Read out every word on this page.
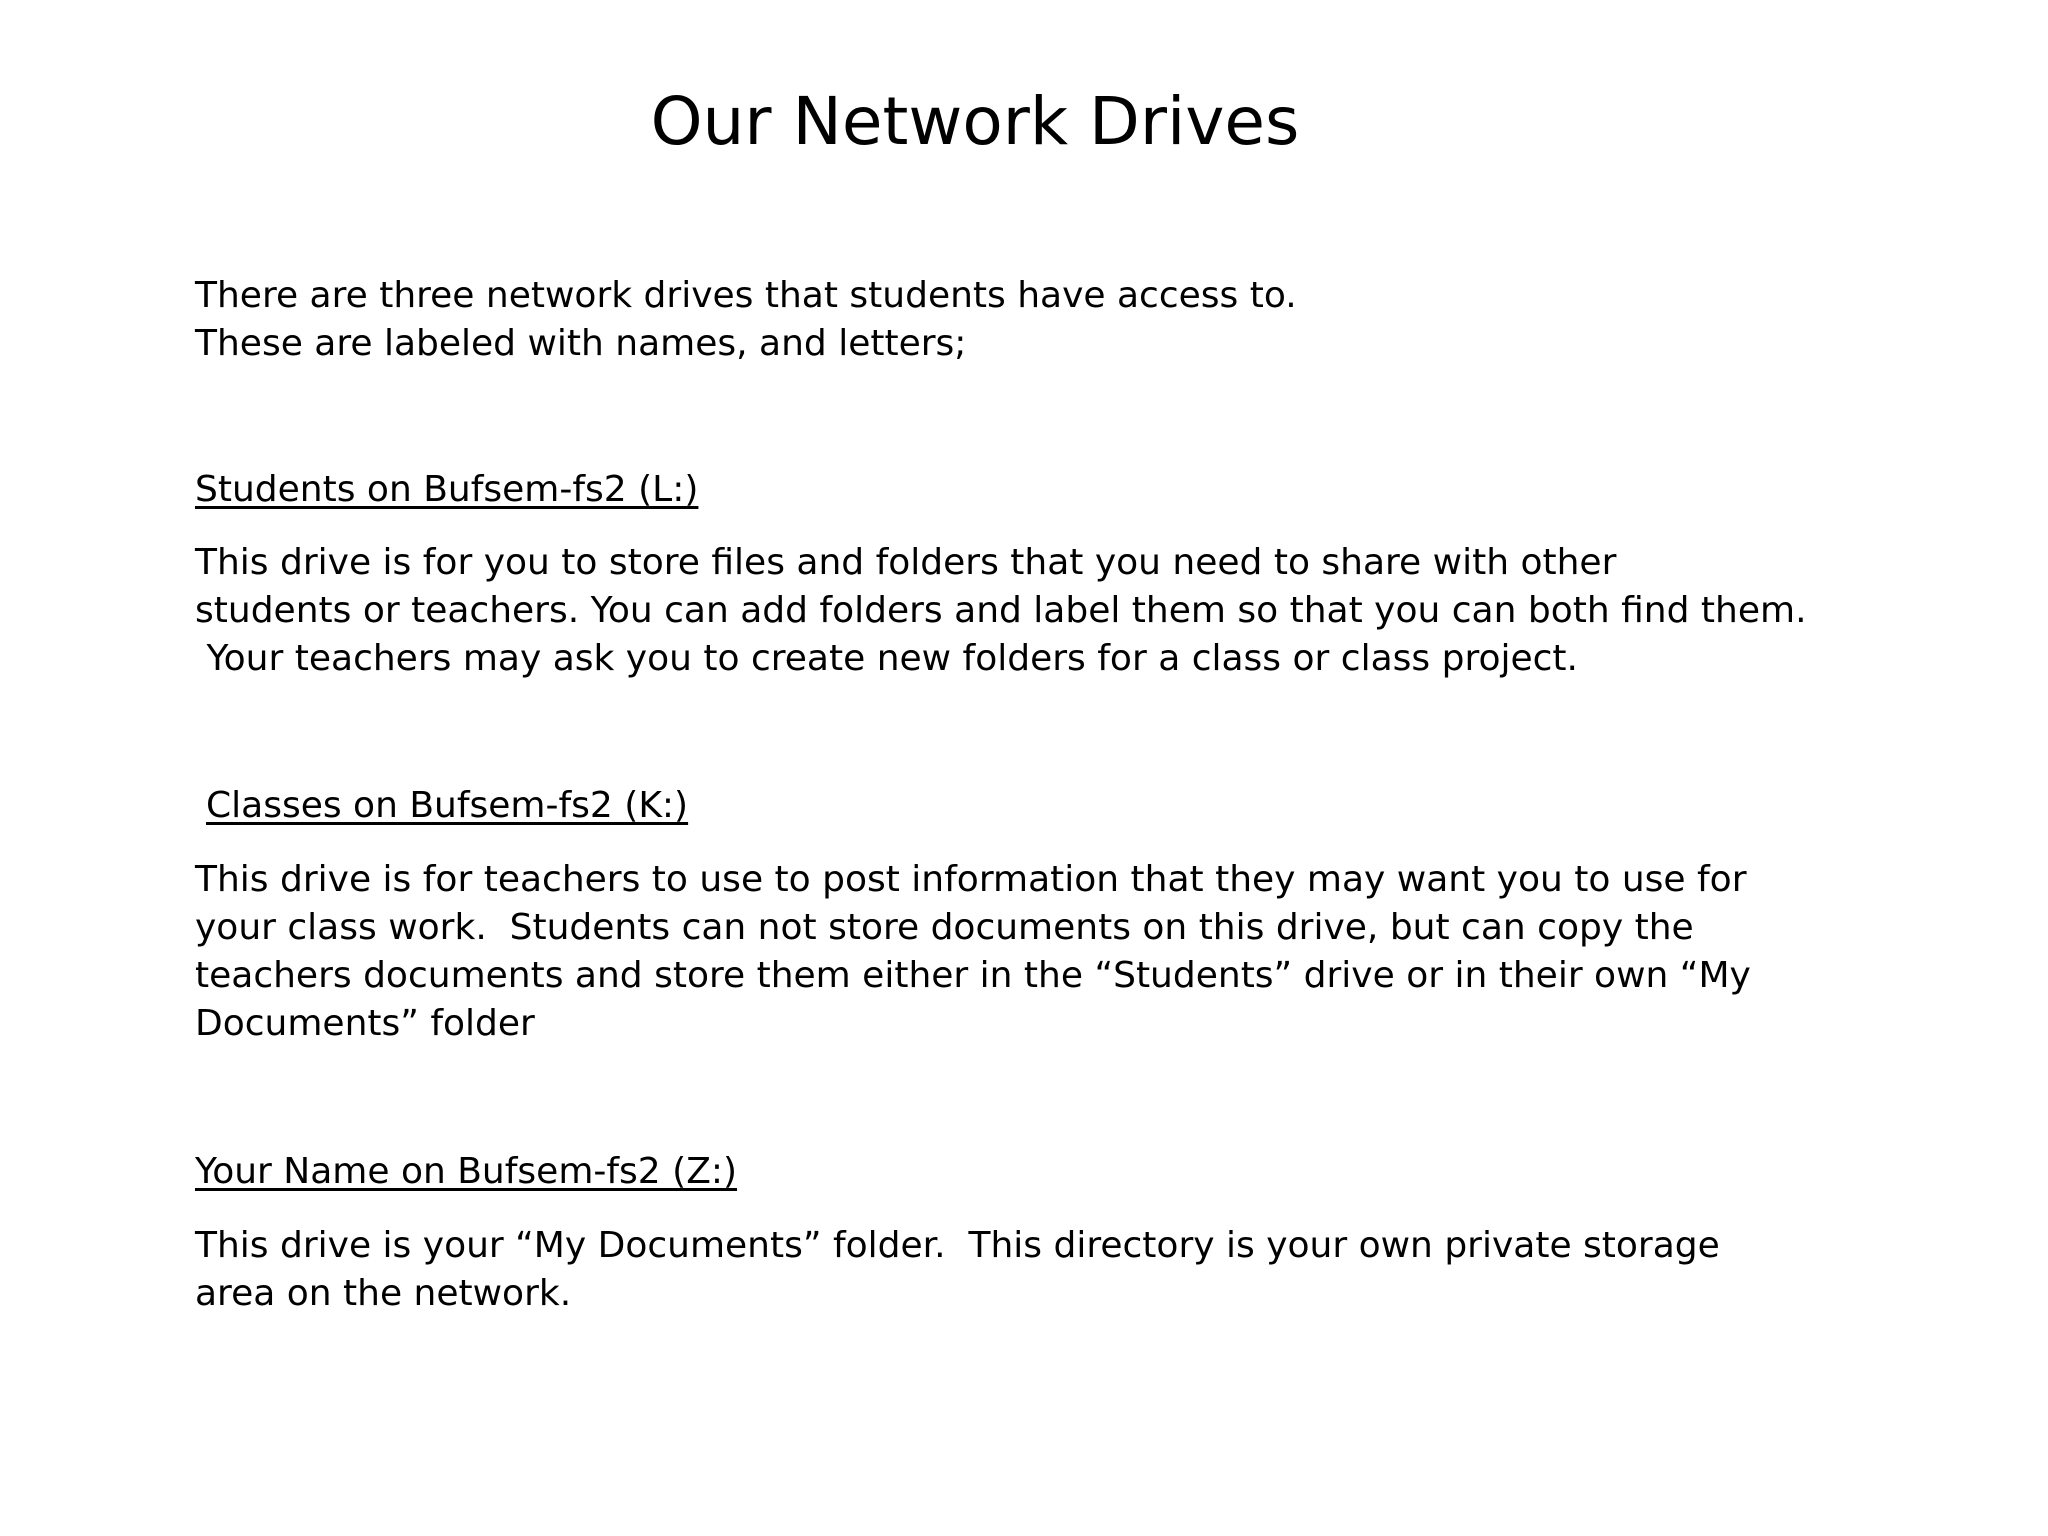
Our Network Drives

There are three network drives that students have access to.

These are labeled with names, and letters;

Students on Bufsem-fs2 (L:)

This drive is for you to store files and folders that you need to share with other
students or teachers. You can add folders and label them so that you can both find them.
Your teachers may ask you to create new folders for a class or class project.

Classes on Bufsem-fs2 (K:)

This drive is for teachers to use to post information that they may want you to use for
your class work.  Students can not store documents on this drive, but can copy the
teachers documents and store them either in the “Students” drive or in their own “My
Documents” folder

Your Name on Bufsem-fs2 (Z:)

This drive is your “My Documents” folder.  This directory is your own private storage
area on the network.
